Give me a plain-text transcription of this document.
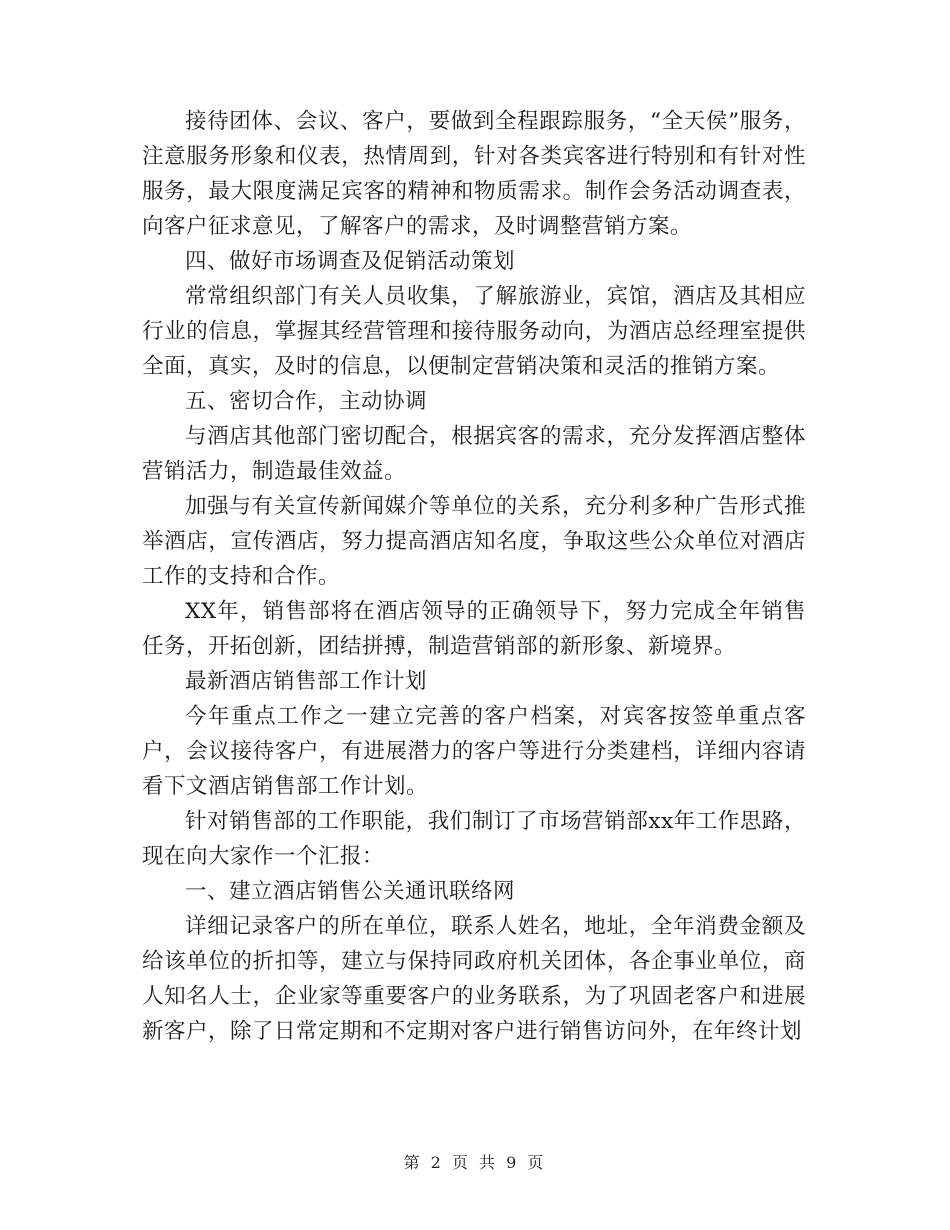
接待团体、会议、客户，要做到全程跟踪服务，“全天侯”服务，注意服务形象和仪表，热情周到，针对各类宾客进行特别和有针对性服务，最大限度满足宾客的精神和物质需求。制作会务活动调查表，向客户征求意见，了解客户的需求，及时调整营销方案。

四、做好市场调查及促销活动策划

常常组织部门有关人员收集，了解旅游业，宾馆，酒店及其相应行业的信息，掌握其经营管理和接待服务动向，为酒店总经理室提供全面，真实，及时的信息，以便制定营销决策和灵活的推销方案。

五、密切合作，主动协调

与酒店其他部门密切配合，根据宾客的需求，充分发挥酒店整体营销活力，制造最佳效益。

加强与有关宣传新闻媒介等单位的关系，充分利多种广告形式推举酒店，宣传酒店，努力提高酒店知名度，争取这些公众单位对酒店工作的支持和合作。

XX年，销售部将在酒店领导的正确领导下，努力完成全年销售任务，开拓创新，团结拼搏，制造营销部的新形象、新境界。

最新酒店销售部工作计划

今年重点工作之一建立完善的客户档案，对宾客按签单重点客户，会议接待客户，有进展潜力的客户等进行分类建档，详细内容请看下文酒店销售部工作计划。

针对销售部的工作职能，我们制订了市场营销部xx年工作思路，现在向大家作一个汇报：

一、建立酒店销售公关通讯联络网

详细记录客户的所在单位，联系人姓名，地址，全年消费金额及给该单位的折扣等，建立与保持同政府机关团体，各企事业单位，商人知名人士，企业家等重要客户的业务联系，为了巩固老客户和进展新客户，除了日常定期和不定期对客户进行销售访问外，在年终计划

第 2 页 共 9 页
